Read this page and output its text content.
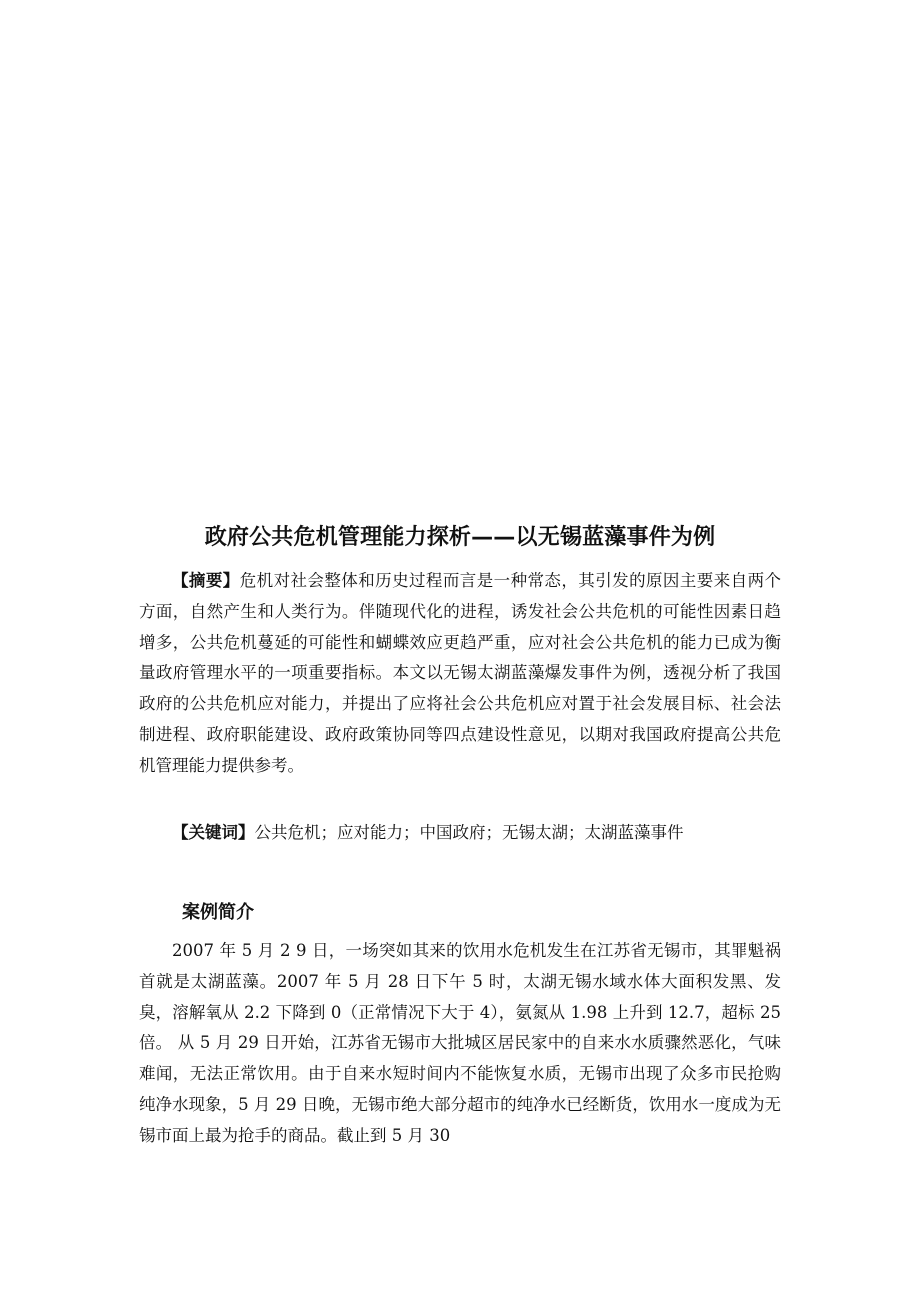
政府公共危机管理能力探析——以无锡蓝藻事件为例

【摘要】危机对社会整体和历史过程而言是一种常态，其引发的原因主要来自两个方面，自然产生和人类行为。伴随现代化的进程，诱发社会公共危机的可能性因素日趋增多，公共危机蔓延的可能性和蝴蝶效应更趋严重，应对社会公共危机的能力已成为衡量政府管理水平的一项重要指标。本文以无锡太湖蓝藻爆发事件为例，透视分析了我国政府的公共危机应对能力，并提出了应将社会公共危机应对置于社会发展目标、社会法制进程、政府职能建设、政府政策协同等四点建设性意见，以期对我国政府提高公共危机管理能力提供参考。

【关键词】公共危机；应对能力；中国政府；无锡太湖；太湖蓝藻事件

案例简介

2007 年 5 月 2 9 日，一场突如其来的饮用水危机发生在江苏省无锡市，其罪魁祸首就是太湖蓝藻。2007 年 5 月 28 日下午 5 时，太湖无锡水域水体大面积发黑、发臭，溶解氧从 2.2 下降到 0（正常情况下大于 4），氨氮从 1.98 上升到 12.7，超标 25 倍。 从 5 月 29 日开始，江苏省无锡市大批城区居民家中的自来水水质骤然恶化，气味难闻，无法正常饮用。由于自来水短时间内不能恢复水质，无锡市出现了众多市民抢购纯净水现象，5 月 29 日晚，无锡市绝大部分超市的纯净水已经断货，饮用水一度成为无锡市面上最为抢手的商品。截止到 5 月 30
